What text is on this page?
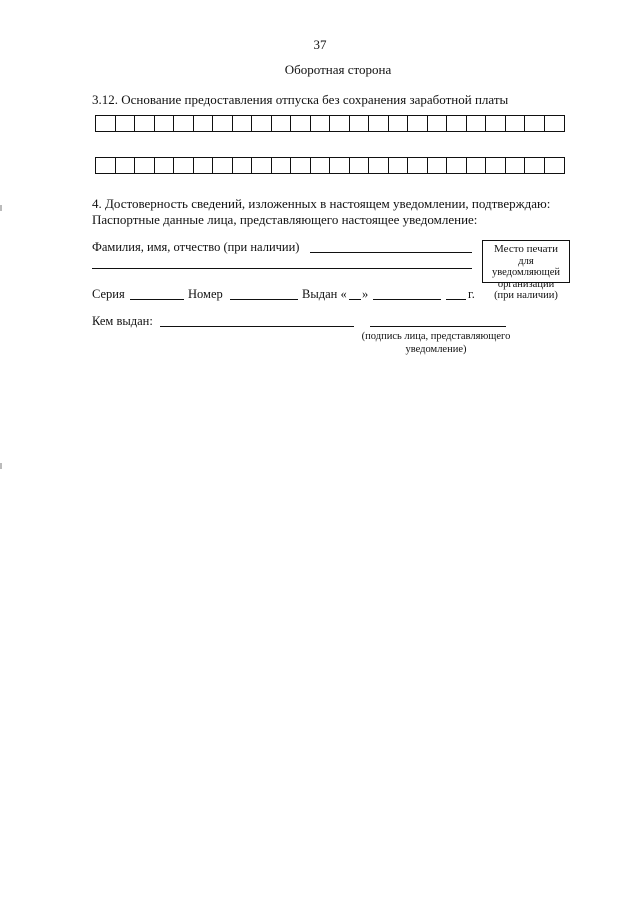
37
Оборотная сторона
3.12. Основание предоставления отпуска без сохранения заработной платы
4. Достоверность сведений, изложенных в настоящем уведомлении, подтверждаю:
Паспортные данные лица, представляющего настоящее уведомление:
Место печати
для
уведомляющей
организации
(при наличии)
Фамилия, имя, отчество (при наличии)
Серия	Номер	Выдан « »	г.
Кем выдан:
(подпись лица, представляющего
уведомление)
